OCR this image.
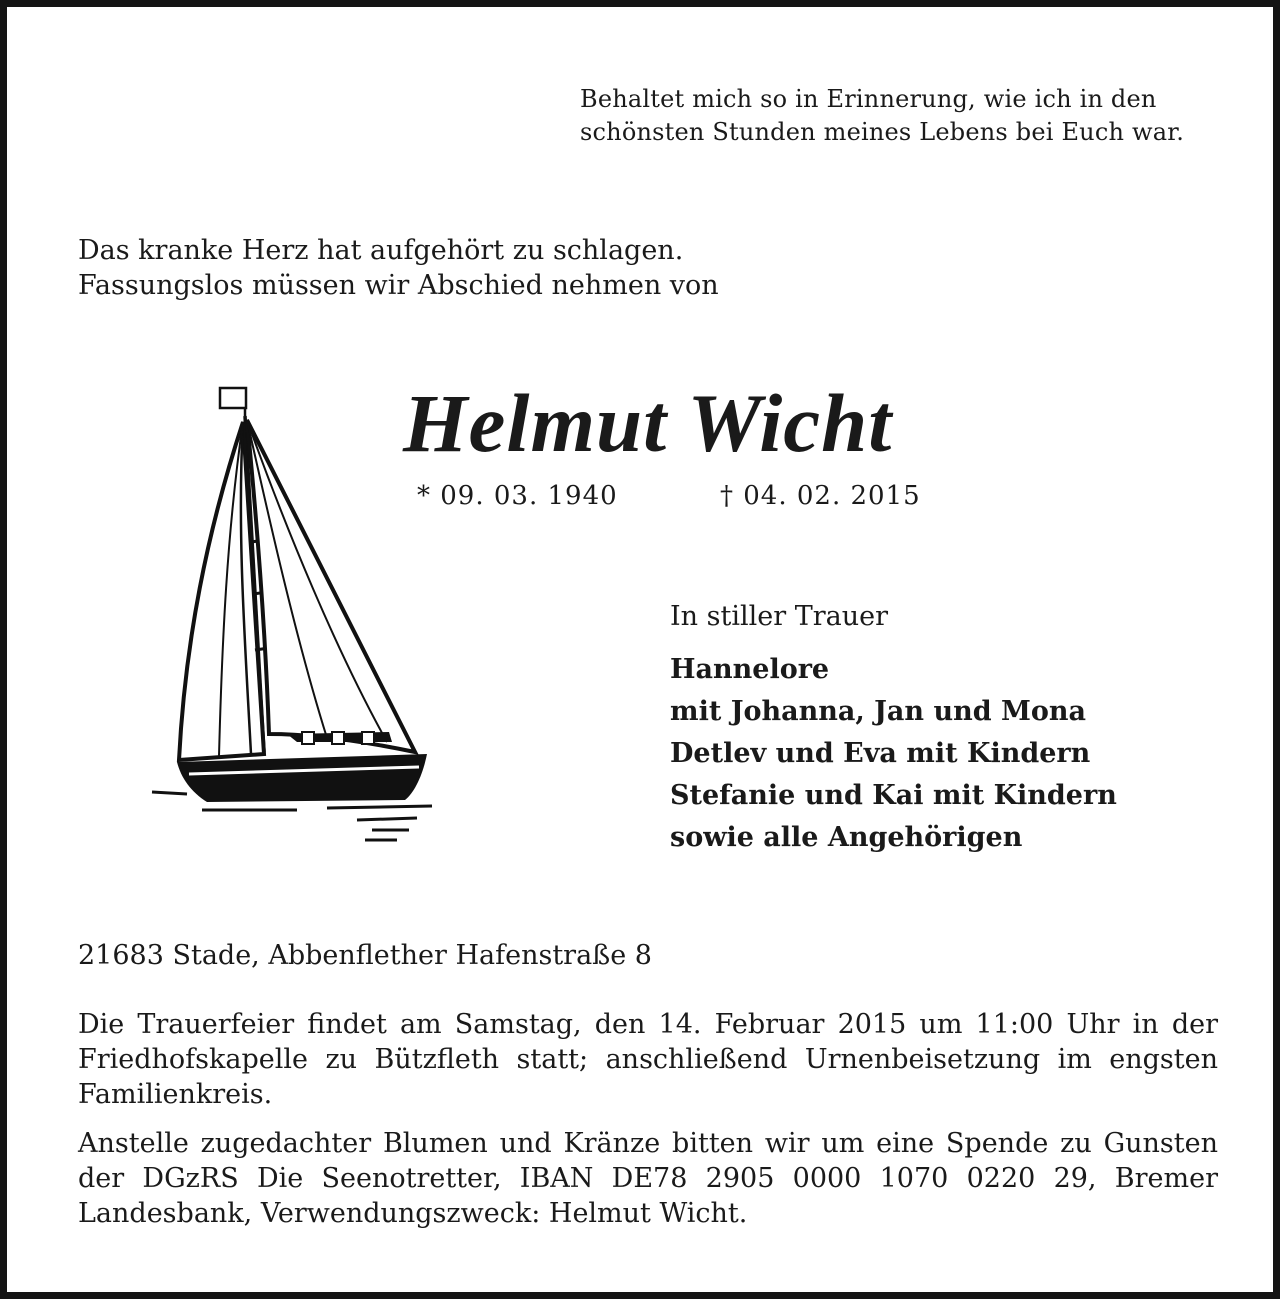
Behaltet mich so in Erinnerung, wie ich in den
schönsten Stunden meines Lebens bei Euch war.
Das kranke Herz hat aufgehört zu schlagen.
Fassungslos müssen wir Abschied nehmen von
Helmut Wicht
* 09. 03. 1940	† 04. 02. 2015
In stiller Trauer
Hannelore
mit Johanna, Jan und Mona
Detlev und Eva mit Kindern
Stefanie und Kai mit Kindern
sowie alle Angehörigen
21683 Stade, Abbenflether Hafenstraße 8
Die Trauerfeier findet am Samstag, den 14. Februar 2015 um 11:00 Uhr in der Friedhofskapelle zu Bützfleth statt; anschließend Urnenbeisetzung im engsten Familienkreis.
Anstelle zugedachter Blumen und Kränze bitten wir um eine Spende zu Gunsten der DGzRS Die Seenotretter, IBAN DE78 2905 0000 1070 0220 29, Bremer Landesbank, Verwendungszweck: Helmut Wicht.
